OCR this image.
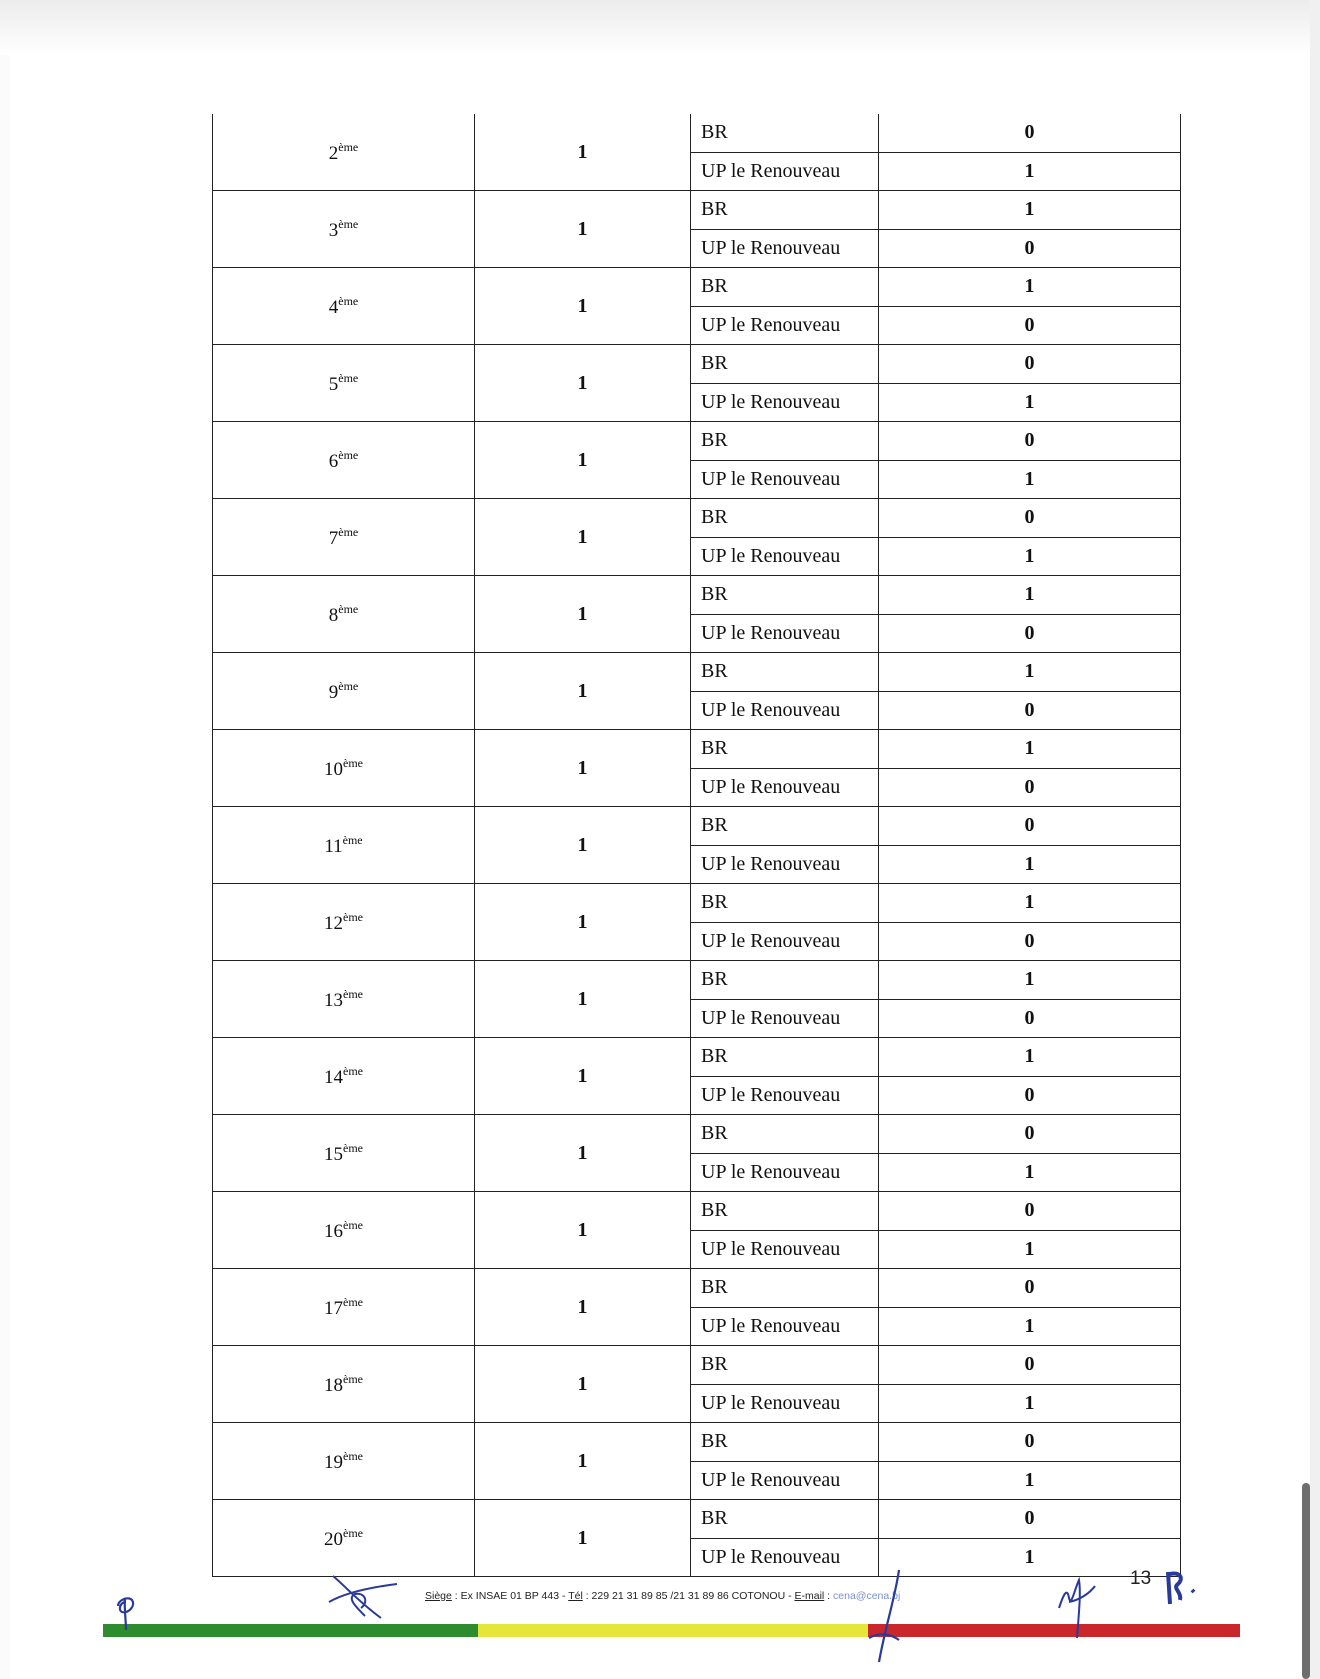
2ème	1	BR	0
		UP le Renouveau	1
3ème	1	BR	1
		UP le Renouveau	0
4ème	1	BR	1
		UP le Renouveau	0
5ème	1	BR	0
		UP le Renouveau	1
6ème	1	BR	0
		UP le Renouveau	1
7ème	1	BR	0
		UP le Renouveau	1
8ème	1	BR	1
		UP le Renouveau	0
9ème	1	BR	1
		UP le Renouveau	0
10ème	1	BR	1
		UP le Renouveau	0
11ème	1	BR	0
		UP le Renouveau	1
12ème	1	BR	1
		UP le Renouveau	0
13ème	1	BR	1
		UP le Renouveau	0
14ème	1	BR	1
		UP le Renouveau	0
15ème	1	BR	0
		UP le Renouveau	1
16ème	1	BR	0
		UP le Renouveau	1
17ème	1	BR	0
		UP le Renouveau	1
18ème	1	BR	0
		UP le Renouveau	1
19ème	1	BR	0
		UP le Renouveau	1
20ème	1	BR	0
		UP le Renouveau	1
Siège : Ex INSAE 01 BP 443 - Tél : 229 21 31 89 85 /21 31 89 86 COTONOU - E-mail : cena@cena.bj
13
